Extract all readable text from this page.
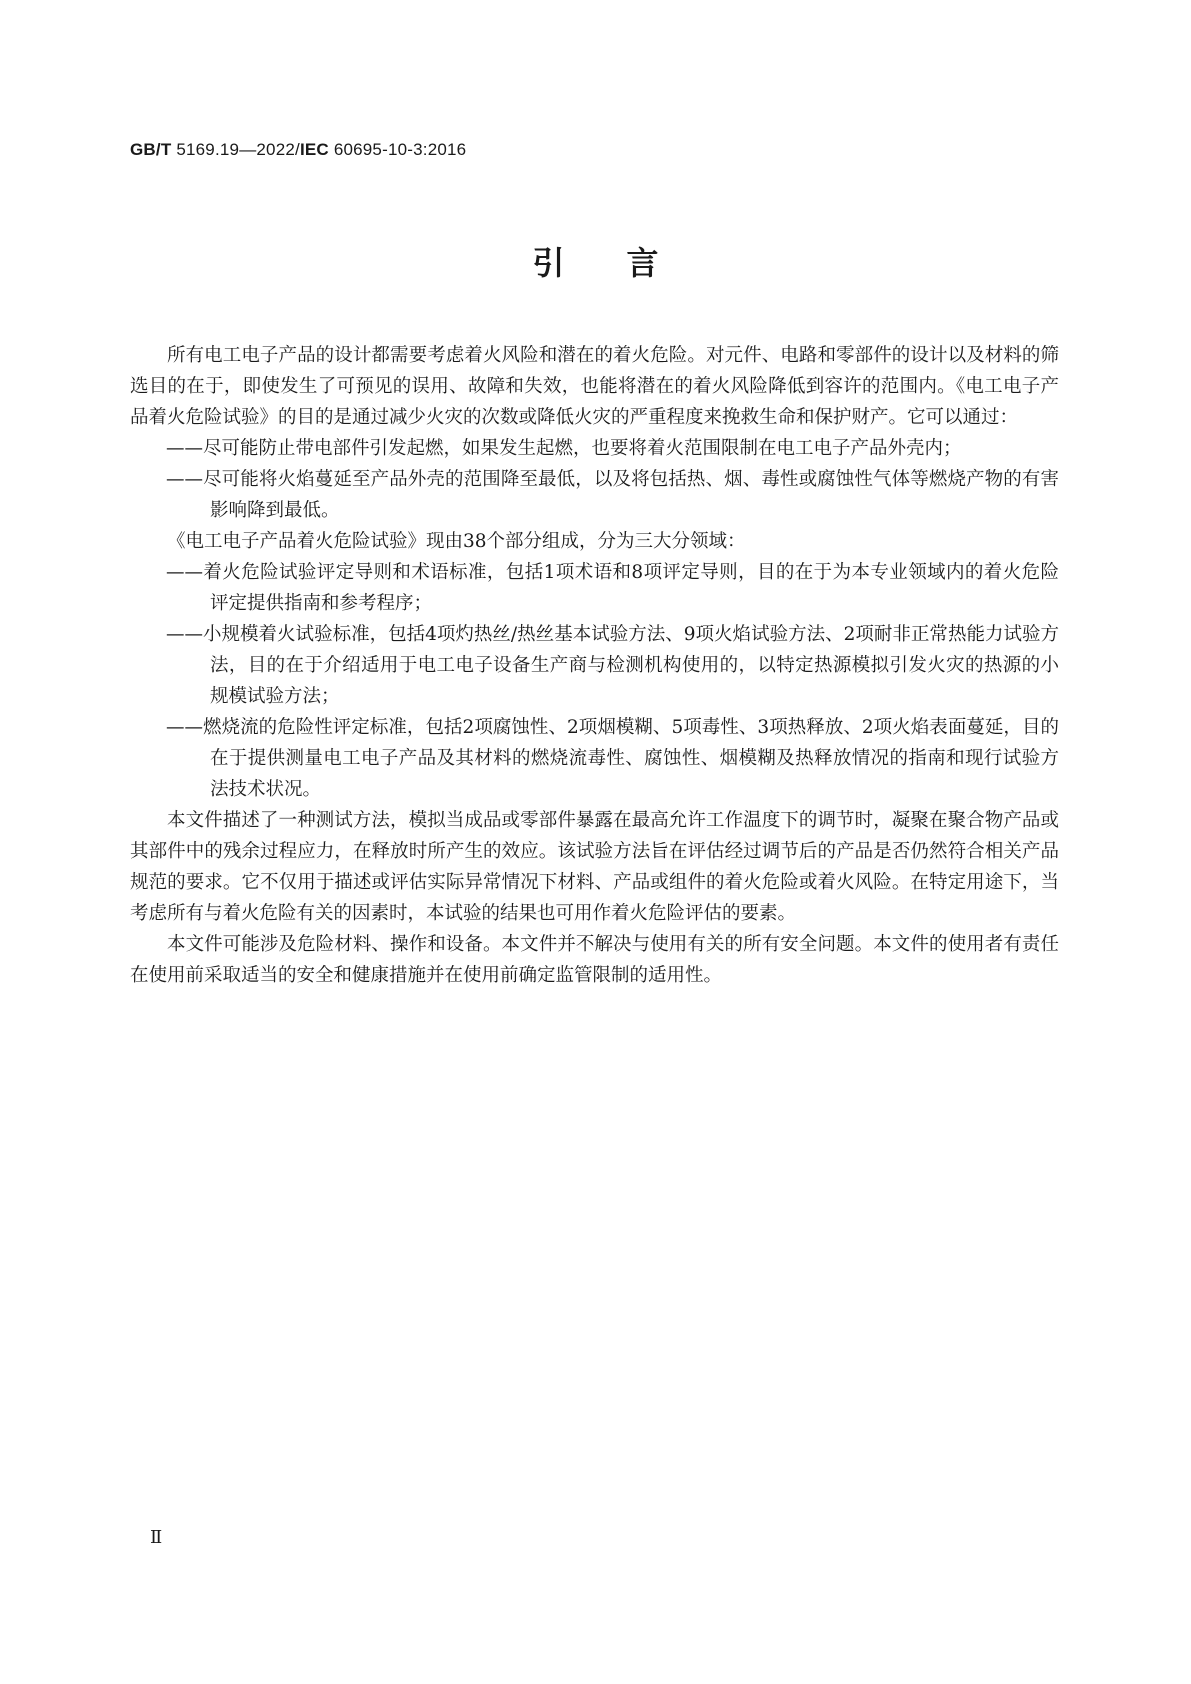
GB/T 5169.19—2022/IEC 60695-10-3:2016
引言

所有电工电子产品的设计都需要考虑着火风险和潜在的着火危险。对元件、电路和零部件的设计以及材料的筛选目的在于，即使发生了可预见的误用、故障和失效，也能将潜在的着火风险降低到容许的范围内。《电工电子产品着火危险试验》的目的是通过减少火灾的次数或降低火灾的严重程度来挽救生命和保护财产。它可以通过：

——尽可能防止带电部件引发起燃，如果发生起燃，也要将着火范围限制在电工电子产品外壳内；

——尽可能将火焰蔓延至产品外壳的范围降至最低，以及将包括热、烟、毒性或腐蚀性气体等燃烧产物的有害影响降到最低。

《电工电子产品着火危险试验》现由38个部分组成，分为三大分领域：

——着火危险试验评定导则和术语标准，包括1项术语和8项评定导则，目的在于为本专业领域内的着火危险评定提供指南和参考程序；

——小规模着火试验标准，包括4项灼热丝/热丝基本试验方法、9项火焰试验方法、2项耐非正常热能力试验方法，目的在于介绍适用于电工电子设备生产商与检测机构使用的，以特定热源模拟引发火灾的热源的小规模试验方法；

——燃烧流的危险性评定标准，包括2项腐蚀性、2项烟模糊、5项毒性、3项热释放、2项火焰表面蔓延，目的在于提供测量电工电子产品及其材料的燃烧流毒性、腐蚀性、烟模糊及热释放情况的指南和现行试验方法技术状况。

本文件描述了一种测试方法，模拟当成品或零部件暴露在最高允许工作温度下的调节时，凝聚在聚合物产品或其部件中的残余过程应力，在释放时所产生的效应。该试验方法旨在评估经过调节后的产品是否仍然符合相关产品规范的要求。它不仅用于描述或评估实际异常情况下材料、产品或组件的着火危险或着火风险。在特定用途下，当考虑所有与着火危险有关的因素时，本试验的结果也可用作着火危险评估的要素。

本文件可能涉及危险材料、操作和设备。本文件并不解决与使用有关的所有安全问题。本文件的使用者有责任在使用前采取适当的安全和健康措施并在使用前确定监管限制的适用性。

Ⅱ
